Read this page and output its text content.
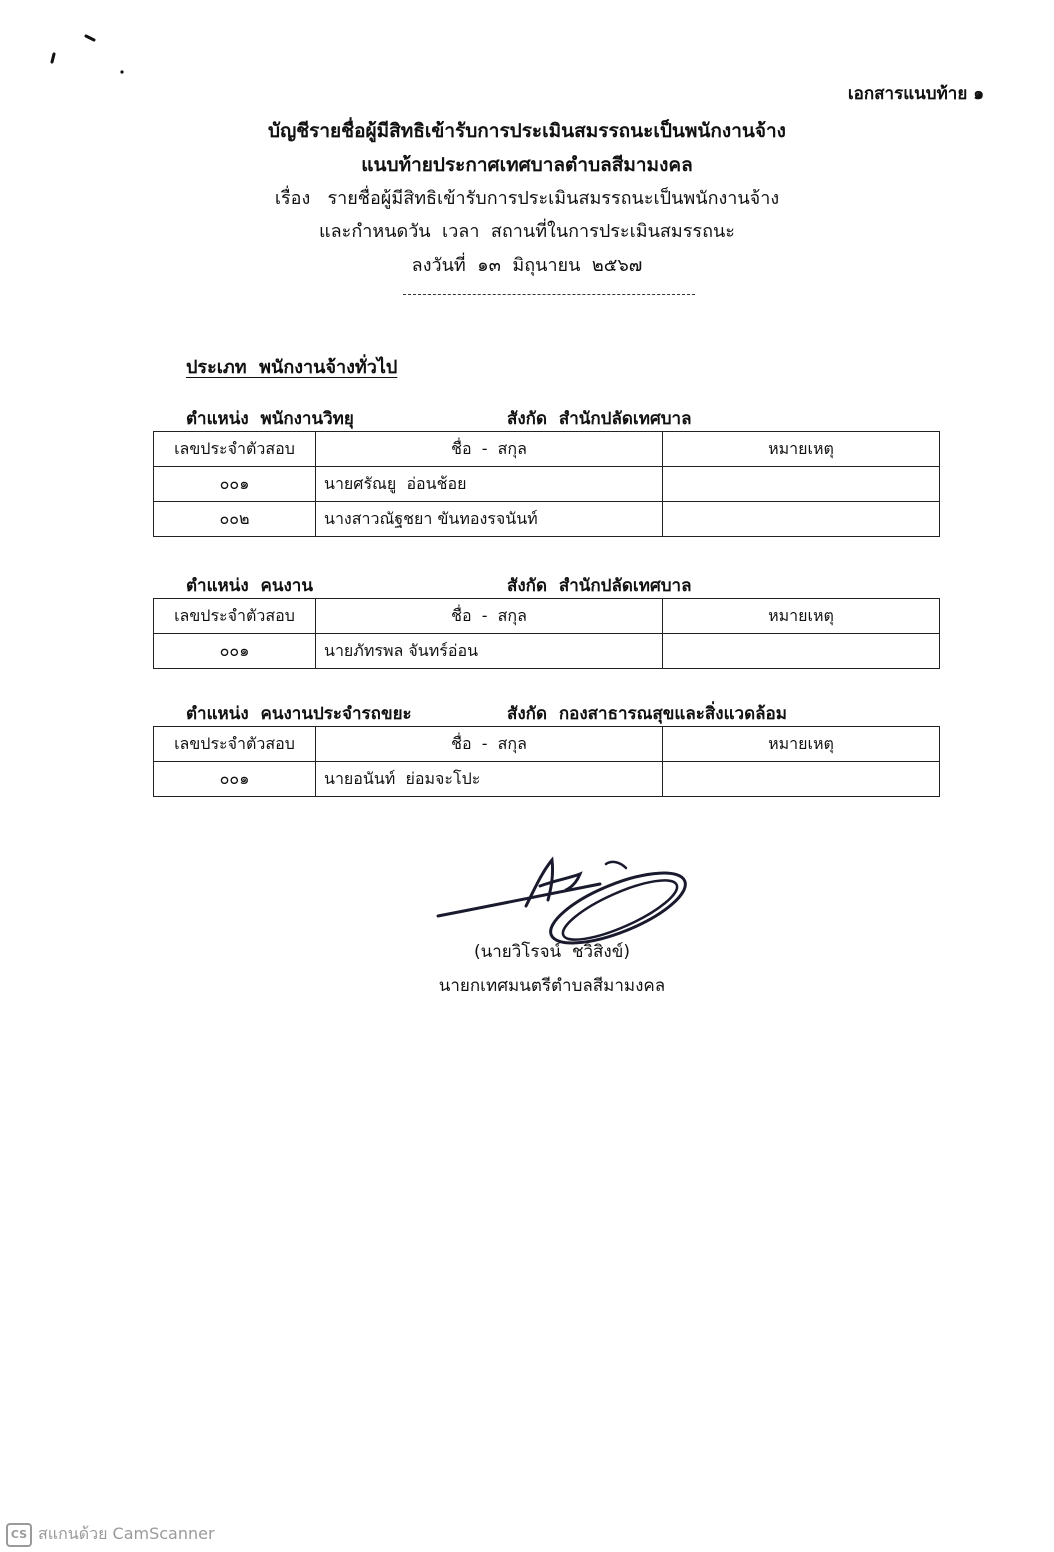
เอกสารแนบท้าย ๑
บัญชีรายชื่อผู้มีสิทธิเข้ารับการประเมินสมรรถนะเป็นพนักงานจ้าง
แนบท้ายประกาศเทศบาลตำบลสีมามงคล
เรื่อง   รายชื่อผู้มีสิทธิเข้ารับการประเมินสมรรถนะเป็นพนักงานจ้าง
และกำหนดวัน  เวลา  สถานที่ในการประเมินสมรรถนะ
ลงวันที่  ๑๓  มิถุนายน  ๒๕๖๗
ประเภท  พนักงานจ้างทั่วไป
ตำแหน่ง  พนักงานวิทยุ	สังกัด  สำนักปลัดเทศบาล
เลขประจำตัวสอบ	ชื่อ  -  สกุล	หมายเหตุ
๐๐๑	นายศรัณยู  อ่อนช้อย	
๐๐๒	นางสาวณัฐชยา ขันทองรจนันท์	
ตำแหน่ง  คนงาน	สังกัด  สำนักปลัดเทศบาล
เลขประจำตัวสอบ	ชื่อ  -  สกุล	หมายเหตุ
๐๐๑	นายภัทรพล จันทร์อ่อน	
ตำแหน่ง  คนงานประจำรถขยะ	สังกัด  กองสาธารณสุขและสิ่งแวดล้อม
เลขประจำตัวสอบ	ชื่อ  -  สกุล	หมายเหตุ
๐๐๑	นายอนันท์  ย่อมจะโปะ	
(นายวิโรจน์  ชวิสิงข์)
นายกเทศมนตรีตำบลสีมามงคล
CS สแกนด้วย CamScanner
